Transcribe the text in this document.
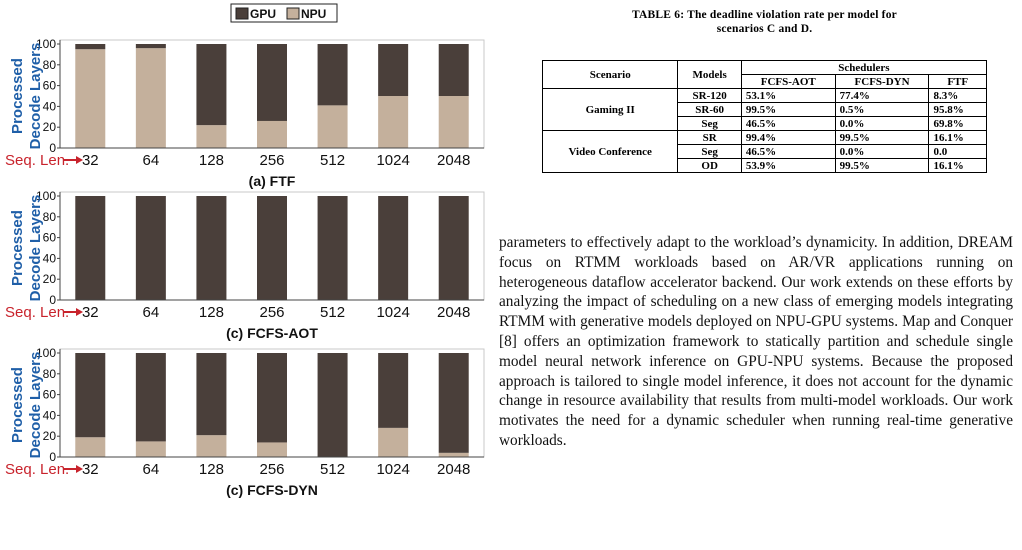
0
20
40
60
80
100
Processed Decode Layers
32	64	128 256 512 1024 2048
Seq. Len.
(a) FTF
GPU NPU
0
20
40
60
80
100
Processed Decode Layers
32	64	128 256 512 1024 2048
Seq. Len.
(c) FCFS-AOT
0
20
40
60
80
100
Processed Decode Layers
32	64	128 256 512 1024 2048
Seq. Len.
(c) FCFS-DYN
TABLE 6: The deadline violation rate per model for
scenarios C and D.
Scenario	Models	Schedulers		
		FCFS-AOT	FCFS-DYN	FTF
Gaming II	SR-120	53.1%	77.4%	8.3%
	SR-60	99.5%	0.5%	95.8%
	Seg	46.5%	0.0%	69.8%
Video Conference	SR	99.4%	99.5%	16.1%
	Seg	46.5%	0.0%	0.0
	OD	53.9%	99.5%	16.1%
parameters to effectively adapt to the workload’s dynamicity. In addition, DREAM focus on RTMM workloads based on AR/VR applications running on heterogeneous dataflow accelerator backend. Our work extends on these efforts by analyzing the impact of scheduling on a new class of emerging models integrating RTMM with generative models deployed on NPU-GPU systems. Map and Conquer [8] offers an optimization framework to statically partition and schedule single model neural network inference on GPU-NPU systems. Because the proposed approach is tailored to single model inference, it does not account for the dynamic change in resource availability that results from multi-model workloads. Our work motivates the need for a dynamic scheduler when running real-time generative workloads.
